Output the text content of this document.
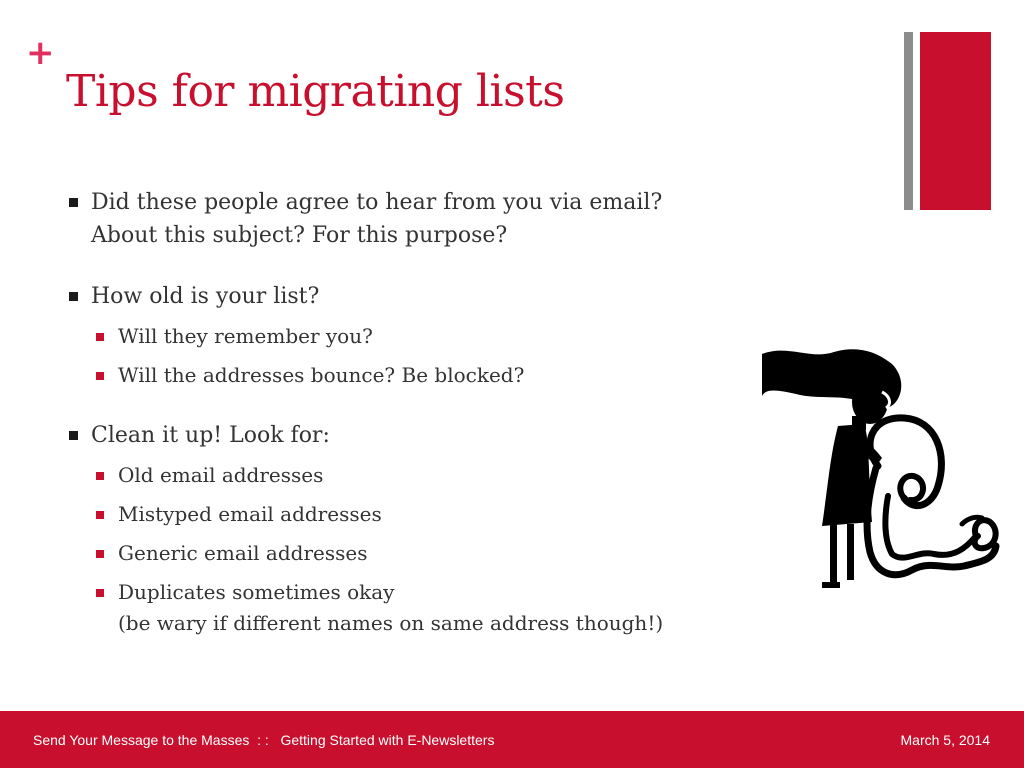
+
Tips for migrating lists
Did these people agree to hear from you via email?
About this subject? For this purpose?
How old is your list?
Will they remember you?
Will the addresses bounce? Be blocked?
Clean it up! Look for:
Old email addresses
Mistyped email addresses
Generic email addresses
Duplicates sometimes okay
(be wary if different names on same address though!)
Send Your Message to the Masses  : :   Getting Started with E-Newsletters	March 5, 2014
